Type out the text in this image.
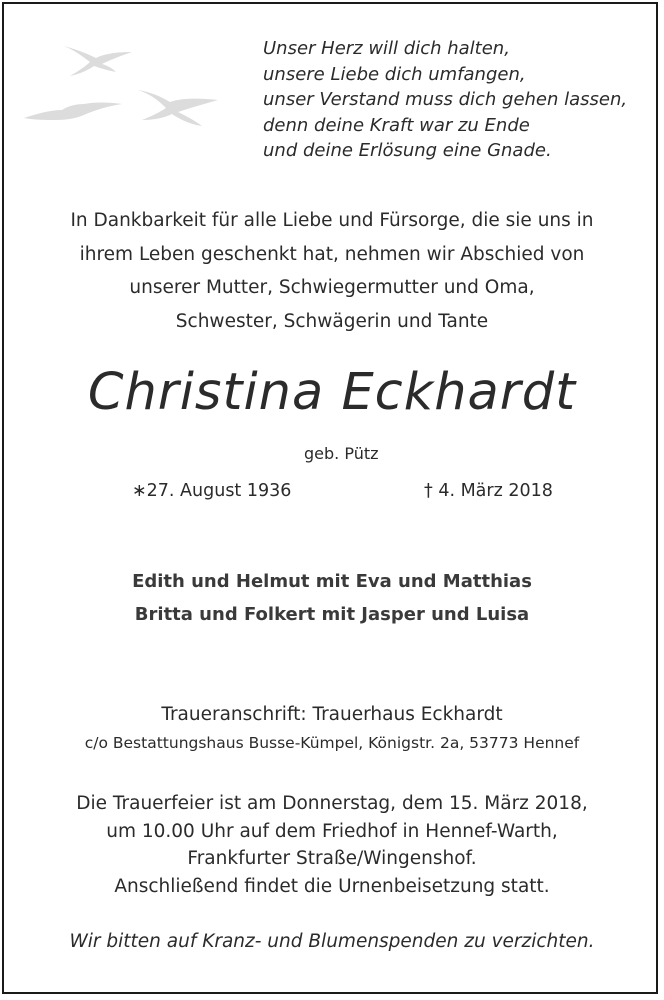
Unser Herz will dich halten,
unsere Liebe dich umfangen,
unser Verstand muss dich gehen lassen,
denn deine Kraft war zu Ende
und deine Erlösung eine Gnade.
In Dankbarkeit für alle Liebe und Fürsorge, die sie uns in
ihrem Leben geschenkt hat, nehmen wir Abschied von
unserer Mutter, Schwiegermutter und Oma,
Schwester, Schwägerin und Tante
Christina Eckhardt
geb. Pütz
∗27. August 1936	† 4. März 2018
Edith und Helmut mit Eva und Matthias
Britta und Folkert mit Jasper und Luisa
Traueranschrift: Trauerhaus Eckhardt
c/o Bestattungshaus Busse-Kümpel, Königstr. 2a, 53773 Hennef
Die Trauerfeier ist am Donnerstag, dem 15. März 2018,
um 10.00 Uhr auf dem Friedhof in Hennef-Warth,
Frankfurter Straße/Wingenshof.
Anschließend findet die Urnenbeisetzung statt.
Wir bitten auf Kranz- und Blumenspenden zu verzichten.
